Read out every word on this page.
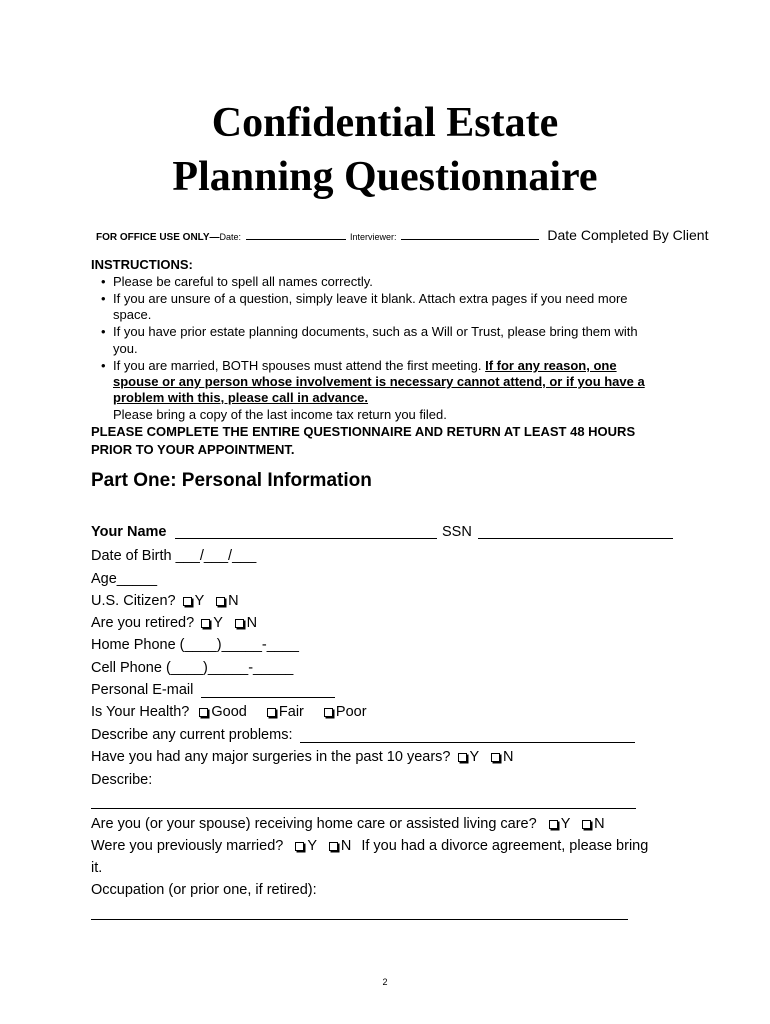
Confidential Estate
Planning Questionnaire
FOR OFFICE USE ONLY—Date:	Interviewer:	Date Completed By Client
INSTRUCTIONS:
• Please be careful to spell all names correctly.
• If you are unsure of a question, simply leave it blank. Attach extra pages if you need more
space.
• If you have prior estate planning documents, such as a Will or Trust, please bring them with
you.
• If you are married, BOTH spouses must attend the first meeting. If for any reason, one
spouse or any person whose involvement is necessary cannot attend, or if you have a
problem with this, please call in advance.
Please bring a copy of the last income tax return you filed.
PLEASE COMPLETE THE ENTIRE QUESTIONNAIRE AND RETURN AT LEAST 48 HOURS
PRIOR TO YOUR APPOINTMENT.
Part One: Personal Information
Your Name	SSN
Date of Birth ___/___/___
Age_____
U.S. Citizen? Y N
Are you retired? Y N
Home Phone (____)_____-____
Cell Phone (____)_____-_____
Personal E-mail
Is Your Health? Good Fair Poor
Describe any current problems:
Have you had any major surgeries in the past 10 years? Y N
Describe:
Are you (or your spouse) receiving home care or assisted living care? Y N
Were you previously married? Y N If you had a divorce agreement, please bring
it.
Occupation (or prior one, if retired):
2
